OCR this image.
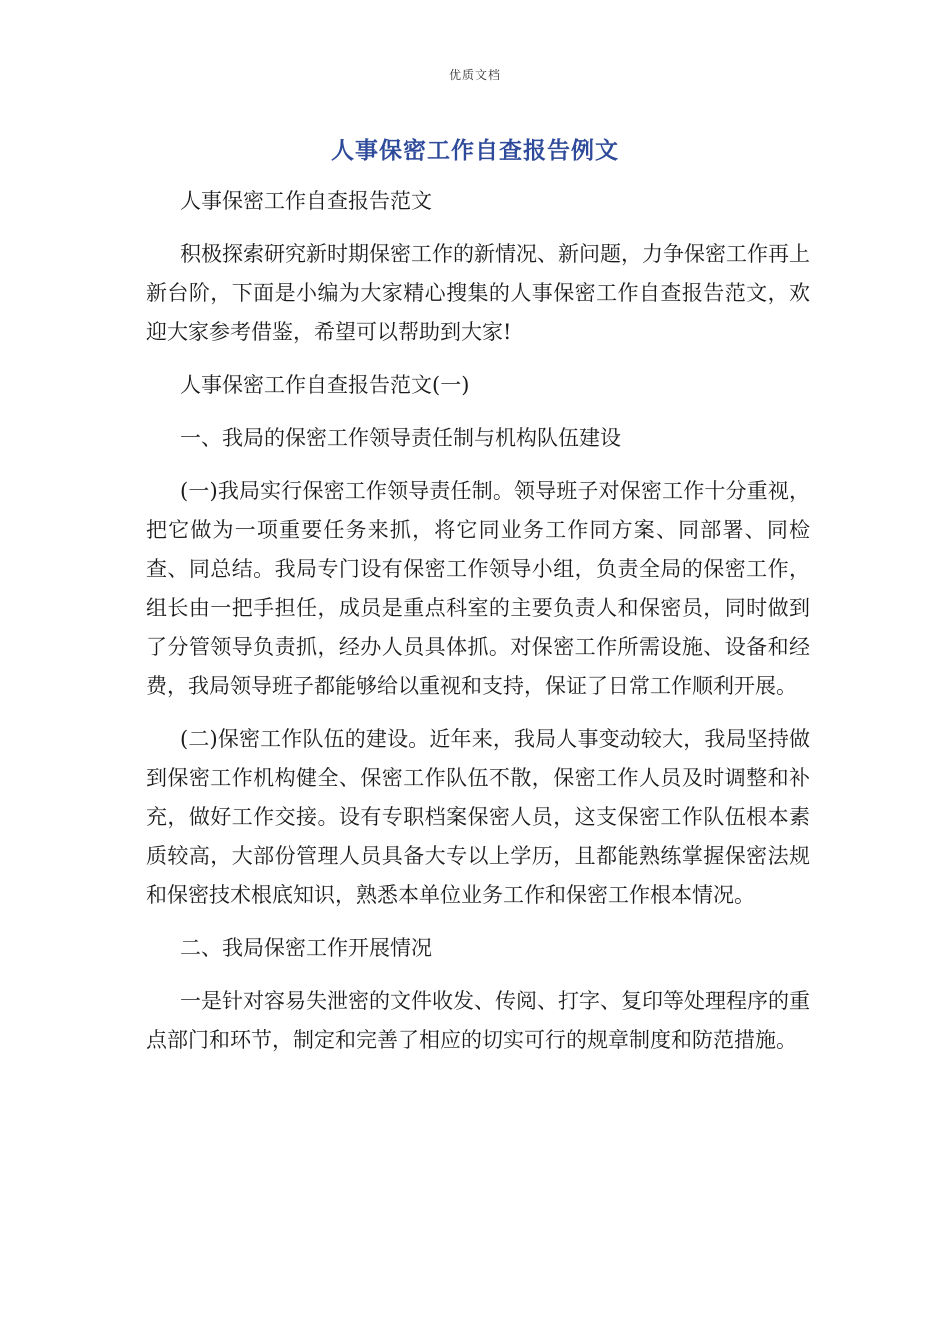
优质文档
人事保密工作自查报告例文

人事保密工作自查报告范文

积极探索研究新时期保密工作的新情况、新问题，力争保密工作再上新台阶，下面是小编为大家精心搜集的人事保密工作自查报告范文，欢迎大家参考借鉴，希望可以帮助到大家!

人事保密工作自查报告范文(一)

一、我局的保密工作领导责任制与机构队伍建设

(一)我局实行保密工作领导责任制。领导班子对保密工作十分重视，把它做为一项重要任务来抓，将它同业务工作同方案、同部署、同检查、同总结。我局专门设有保密工作领导小组，负责全局的保密工作，组长由一把手担任，成员是重点科室的主要负责人和保密员，同时做到了分管领导负责抓，经办人员具体抓。对保密工作所需设施、设备和经费，我局领导班子都能够给以重视和支持，保证了日常工作顺利开展。

(二)保密工作队伍的建设。近年来，我局人事变动较大，我局坚持做到保密工作机构健全、保密工作队伍不散，保密工作人员及时调整和补充，做好工作交接。设有专职档案保密人员，这支保密工作队伍根本素质较高，大部份管理人员具备大专以上学历，且都能熟练掌握保密法规和保密技术根底知识，熟悉本单位业务工作和保密工作根本情况。

二、我局保密工作开展情况

一是针对容易失泄密的文件收发、传阅、打字、复印等处理程序的重点部门和环节，制定和完善了相应的切实可行的规章制度和防范措施。
